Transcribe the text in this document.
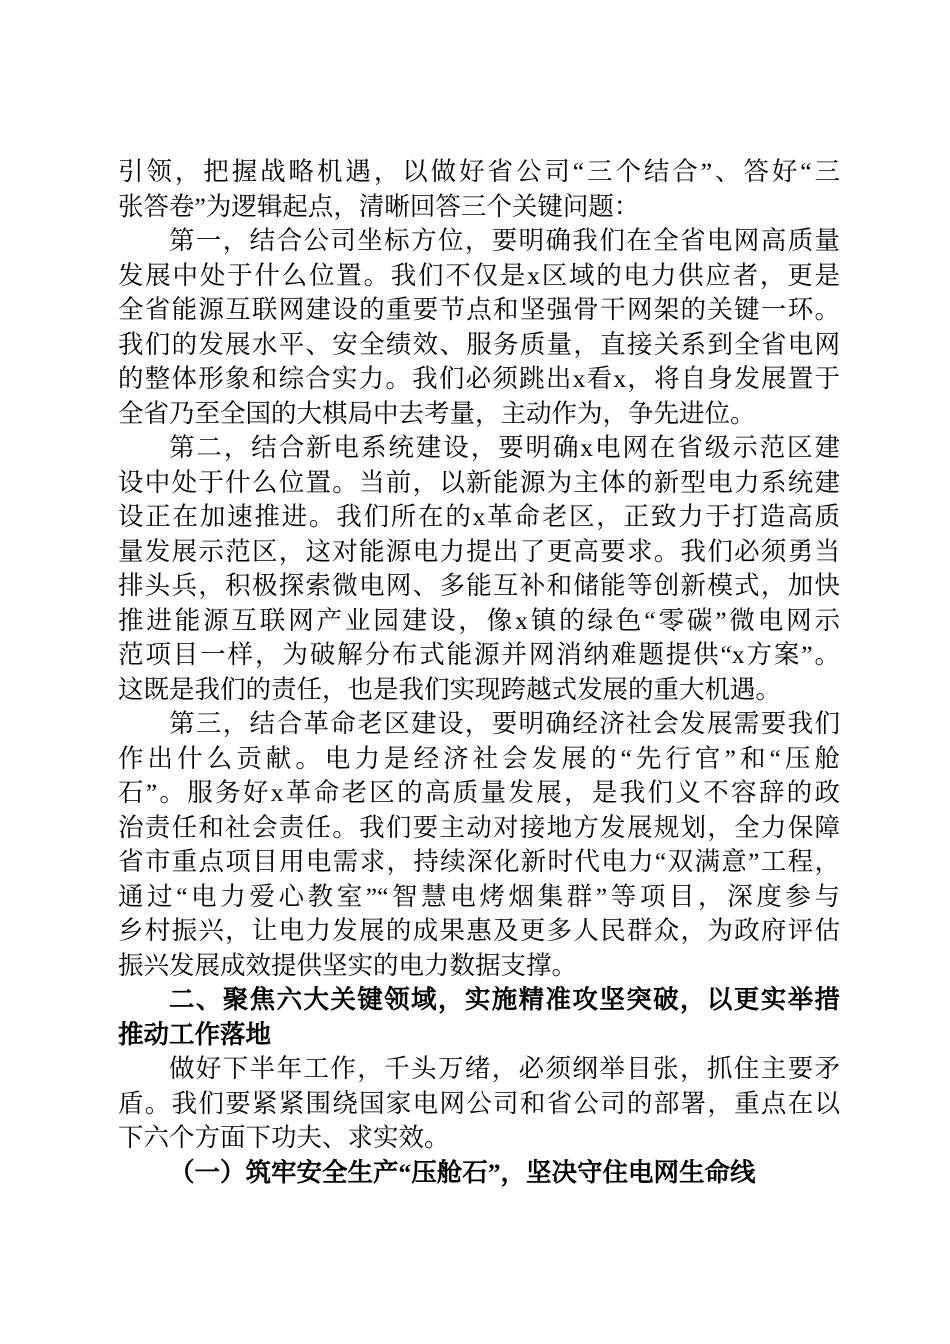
引领，把握战略机遇，以做好省公司“三个结合”、答好“三
张答卷”为逻辑起点，清晰回答三个关键问题：
第一，结合公司坐标方位，要明确我们在全省电网高质量
发展中处于什么位置。我们不仅是x区域的电力供应者，更是
全省能源互联网建设的重要节点和坚强骨干网架的关键一环。
我们的发展水平、安全绩效、服务质量，直接关系到全省电网
的整体形象和综合实力。我们必须跳出x看x，将自身发展置于
全省乃至全国的大棋局中去考量，主动作为，争先进位。
第二，结合新电系统建设，要明确x电网在省级示范区建
设中处于什么位置。当前，以新能源为主体的新型电力系统建
设正在加速推进。我们所在的x革命老区，正致力于打造高质
量发展示范区，这对能源电力提出了更高要求。我们必须勇当
排头兵，积极探索微电网、多能互补和储能等创新模式，加快
推进能源互联网产业园建设，像x镇的绿色“零碳”微电网示
范项目一样，为破解分布式能源并网消纳难题提供“x方案”。
这既是我们的责任，也是我们实现跨越式发展的重大机遇。
第三，结合革命老区建设，要明确经济社会发展需要我们
作出什么贡献。电力是经济社会发展的“先行官”和“压舱
石”。服务好x革命老区的高质量发展，是我们义不容辞的政
治责任和社会责任。我们要主动对接地方发展规划，全力保障
省市重点项目用电需求，持续深化新时代电力“双满意”工程，
通过“电力爱心教室”“智慧电烤烟集群”等项目，深度参与
乡村振兴，让电力发展的成果惠及更多人民群众，为政府评估
振兴发展成效提供坚实的电力数据支撑。
二、聚焦六大关键领域，实施精准攻坚突破，以更实举措
推动工作落地
做好下半年工作，千头万绪，必须纲举目张，抓住主要矛
盾。我们要紧紧围绕国家电网公司和省公司的部署，重点在以
下六个方面下功夫、求实效。
（一）筑牢安全生产“压舱石”，坚决守住电网生命线
